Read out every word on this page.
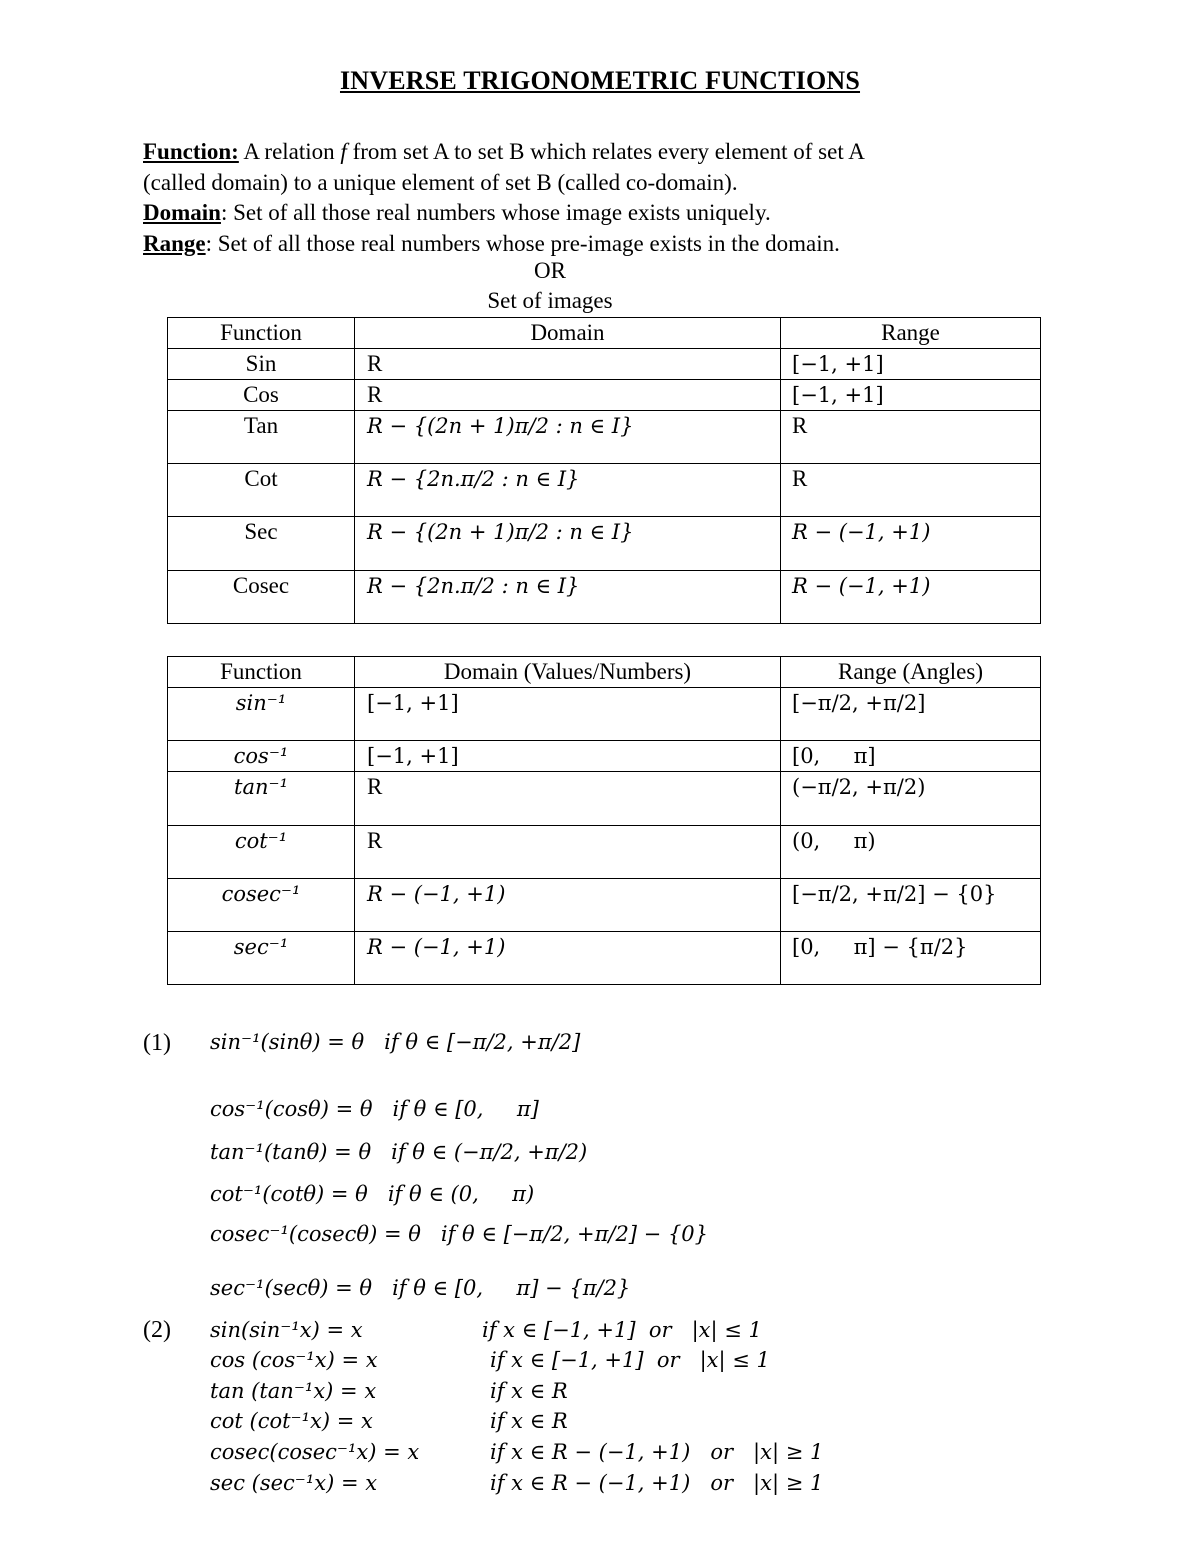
INVERSE TRIGONOMETRIC FUNCTIONS

Function: A relation f from set A to set B which relates every element of set A

(called domain) to a unique element of set B (called co-domain).

Domain: Set of all those real numbers whose image exists uniquely.

Range: Set of all those real numbers whose pre-image exists in the domain.

OR
Set of images
Function	Domain	Range
Sin	R	[−1, +1]
Cos	R	[−1, +1]
Tan	R − {(2n + 1)π/2 : n ∈ I}	R
Cot	R − {2n.π/2 : n ∈ I}	R
Sec	R − {(2n + 1)π/2 : n ∈ I}	R − (−1, +1)
Cosec	R − {2n.π/2 : n ∈ I}	R − (−1, +1)
Function	Domain (Values/Numbers)	Range (Angles)
sin⁻¹	[−1, +1]	[−π/2, +π/2]
cos⁻¹	[−1, +1]	[0,     π]
tan⁻¹	R	(−π/2, +π/2)
cot⁻¹	R	(0,     π)
cosec⁻¹	R − (−1, +1)	[−π/2, +π/2] − {0}
sec⁻¹	R − (−1, +1)	[0,     π] − {π/2}
(1) sin⁻¹(sinθ) = θ   if θ ∈ [−π/2, +π/2]
cos⁻¹(cosθ) = θ   if θ ∈ [0,     π]
tan⁻¹(tanθ) = θ   if θ ∈ (−π/2, +π/2)
cot⁻¹(cotθ) = θ   if θ ∈ (0,     π)
cosec⁻¹(cosecθ) = θ   if θ ∈ [−π/2, +π/2] − {0}
sec⁻¹(secθ) = θ   if θ ∈ [0,     π] − {π/2}
(2) sin(sin⁻¹x) = x	if x ∈ [−1, +1]  or   |x| ≤ 1
cos (cos⁻¹x) = x	if x ∈ [−1, +1]  or   |x| ≤ 1
tan (tan⁻¹x) = x	if x ∈ R
cot (cot⁻¹x) = x	if x ∈ R
cosec(cosec⁻¹x) = x	if x ∈ R − (−1, +1)   or   |x| ≥ 1
sec (sec⁻¹x) = x	if x ∈ R − (−1, +1)   or   |x| ≥ 1
